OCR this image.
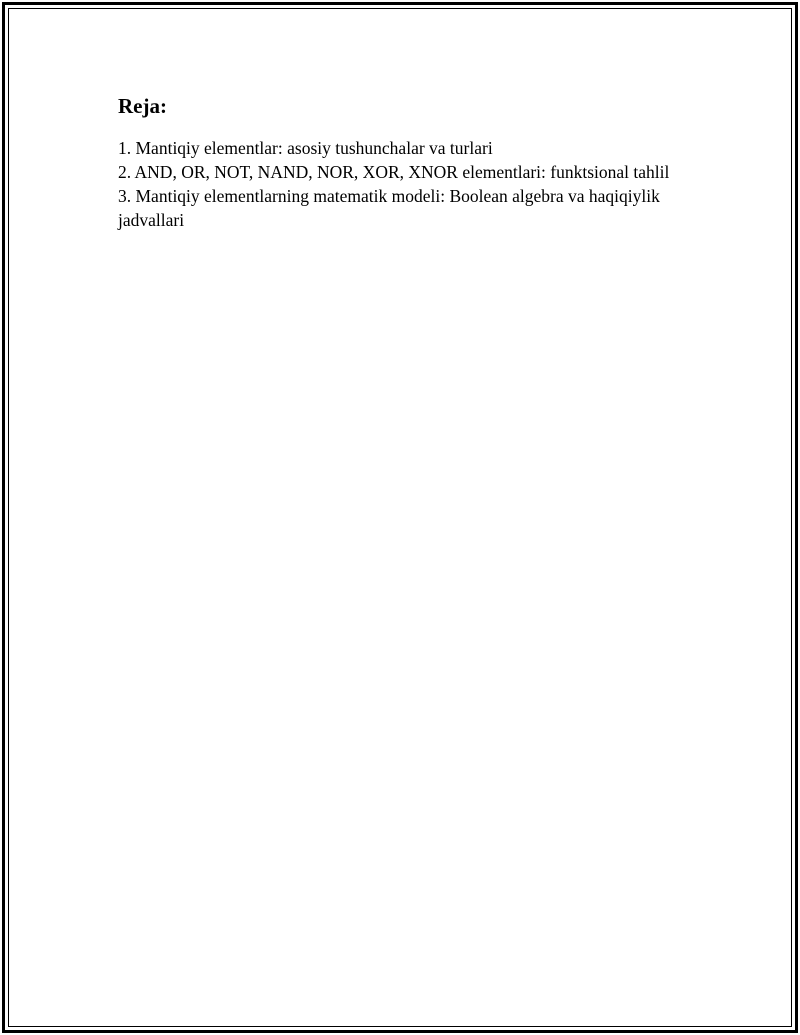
Reja:
1. Mantiqiy elementlar: asosiy tushunchalar va turlari
2. AND, OR, NOT, NAND, NOR, XOR, XNOR elementlari: funktsional tahlil
3. Mantiqiy elementlarning matematik modeli: Boolean algebra va haqiqiylik jadvallari
